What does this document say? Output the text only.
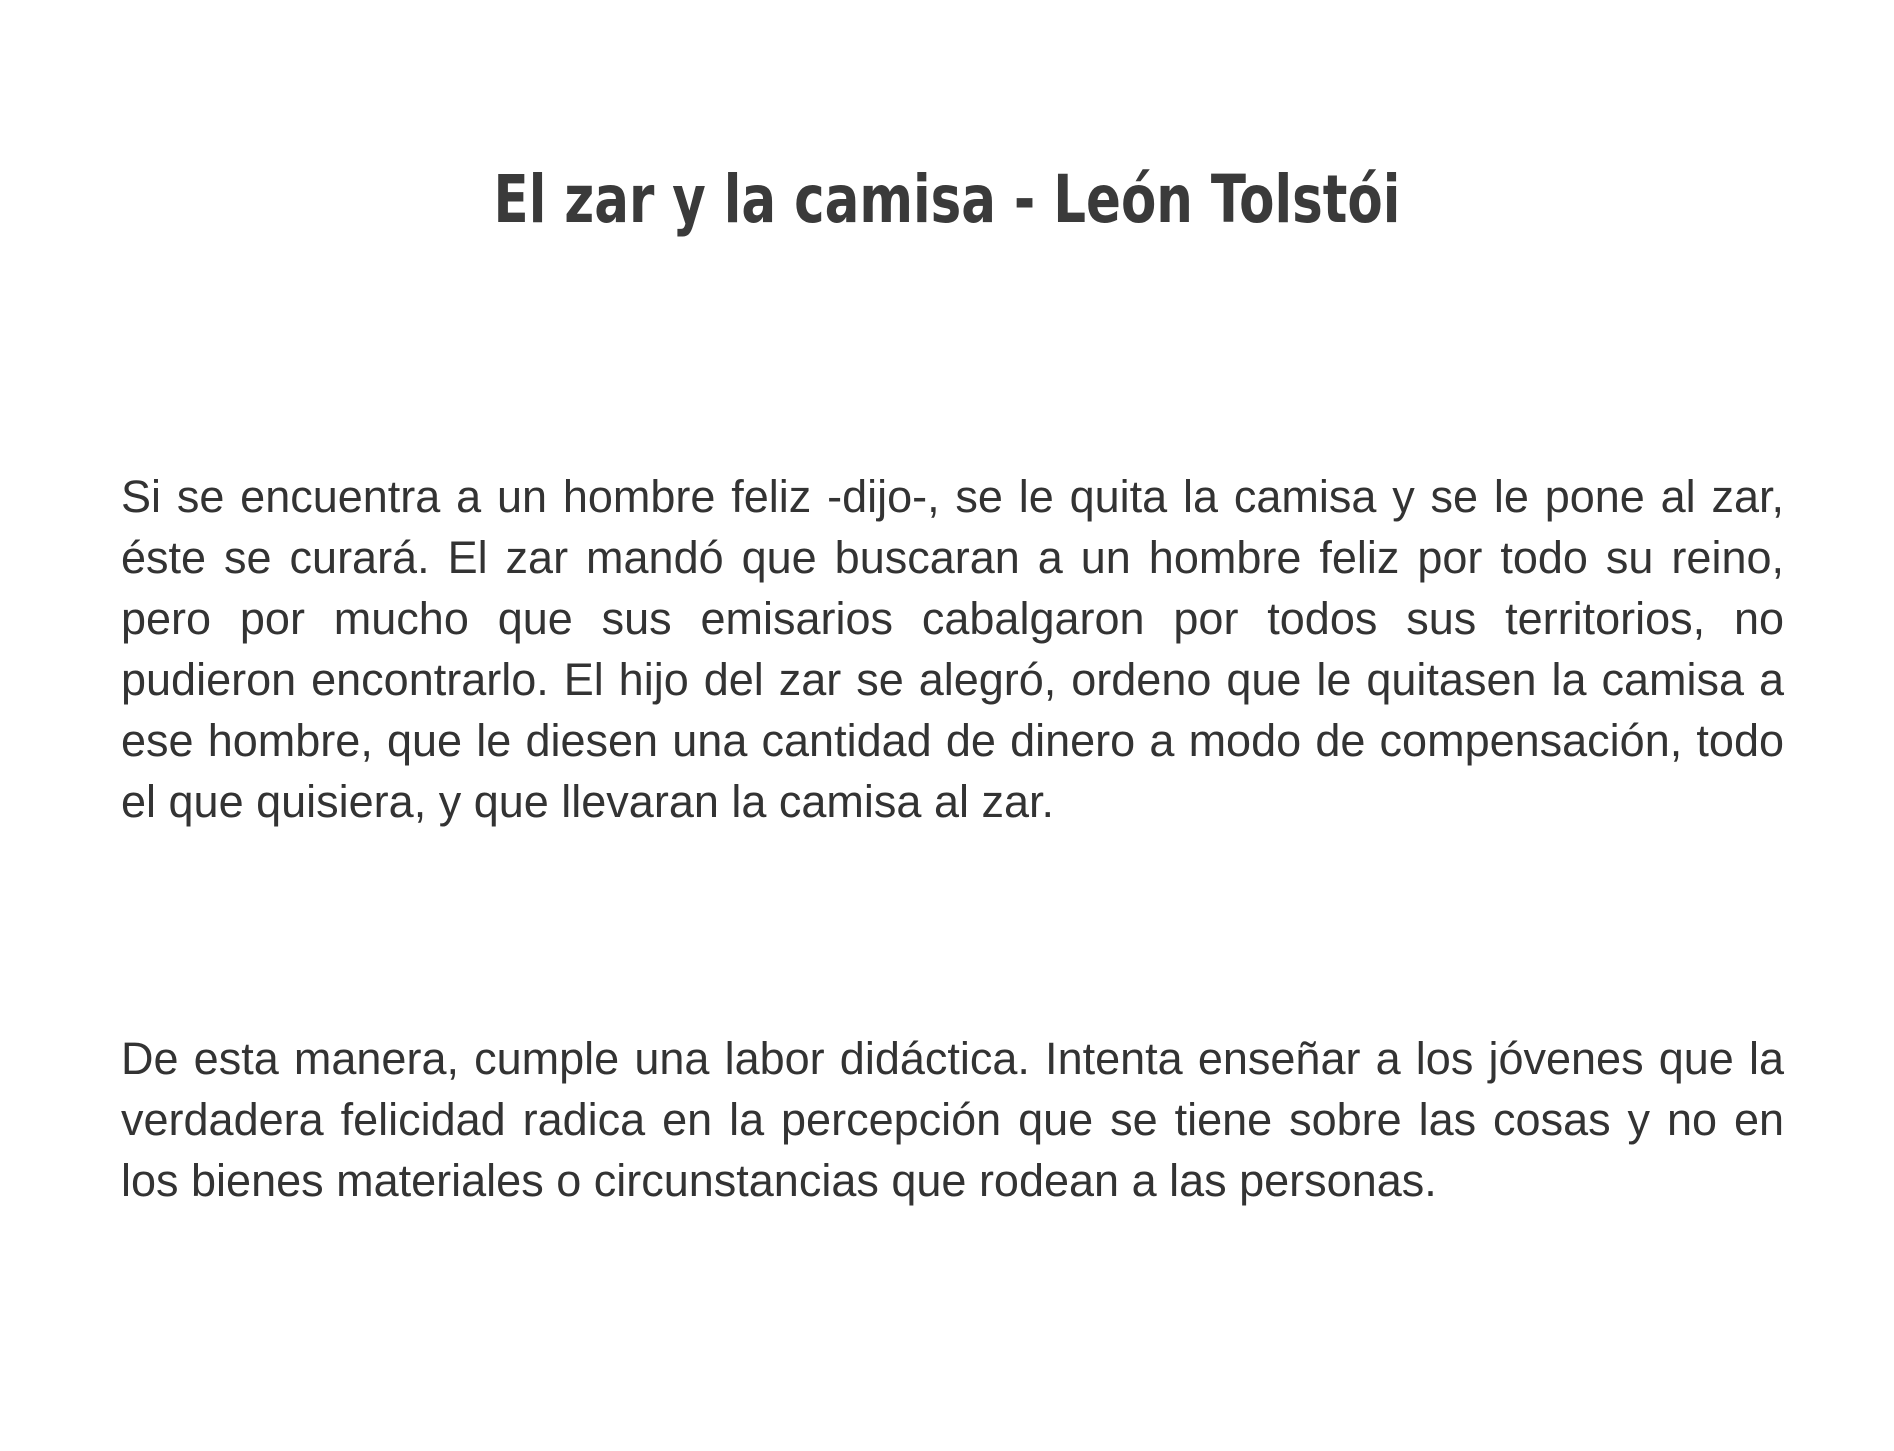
El zar y la camisa - León Tolstói

Si se encuentra a un hombre feliz -dijo-, se le quita la camisa y se le pone al zar, éste se curará. El zar mandó que buscaran a un hombre feliz por todo su reino, pero por mucho que sus emisarios cabalgaron por todos sus territorios, no pudieron encontrarlo. El hijo del zar se alegró, ordeno que le quitasen la camisa a ese hombre, que le diesen una cantidad de dinero a modo de compensación, todo el que quisiera, y que llevaran la camisa al zar.

De esta manera, cumple una labor didáctica. Intenta enseñar a los jóvenes que la verdadera felicidad radica en la percepción que se tiene sobre las cosas y no en los bienes materiales o circunstancias que rodean a las personas.
